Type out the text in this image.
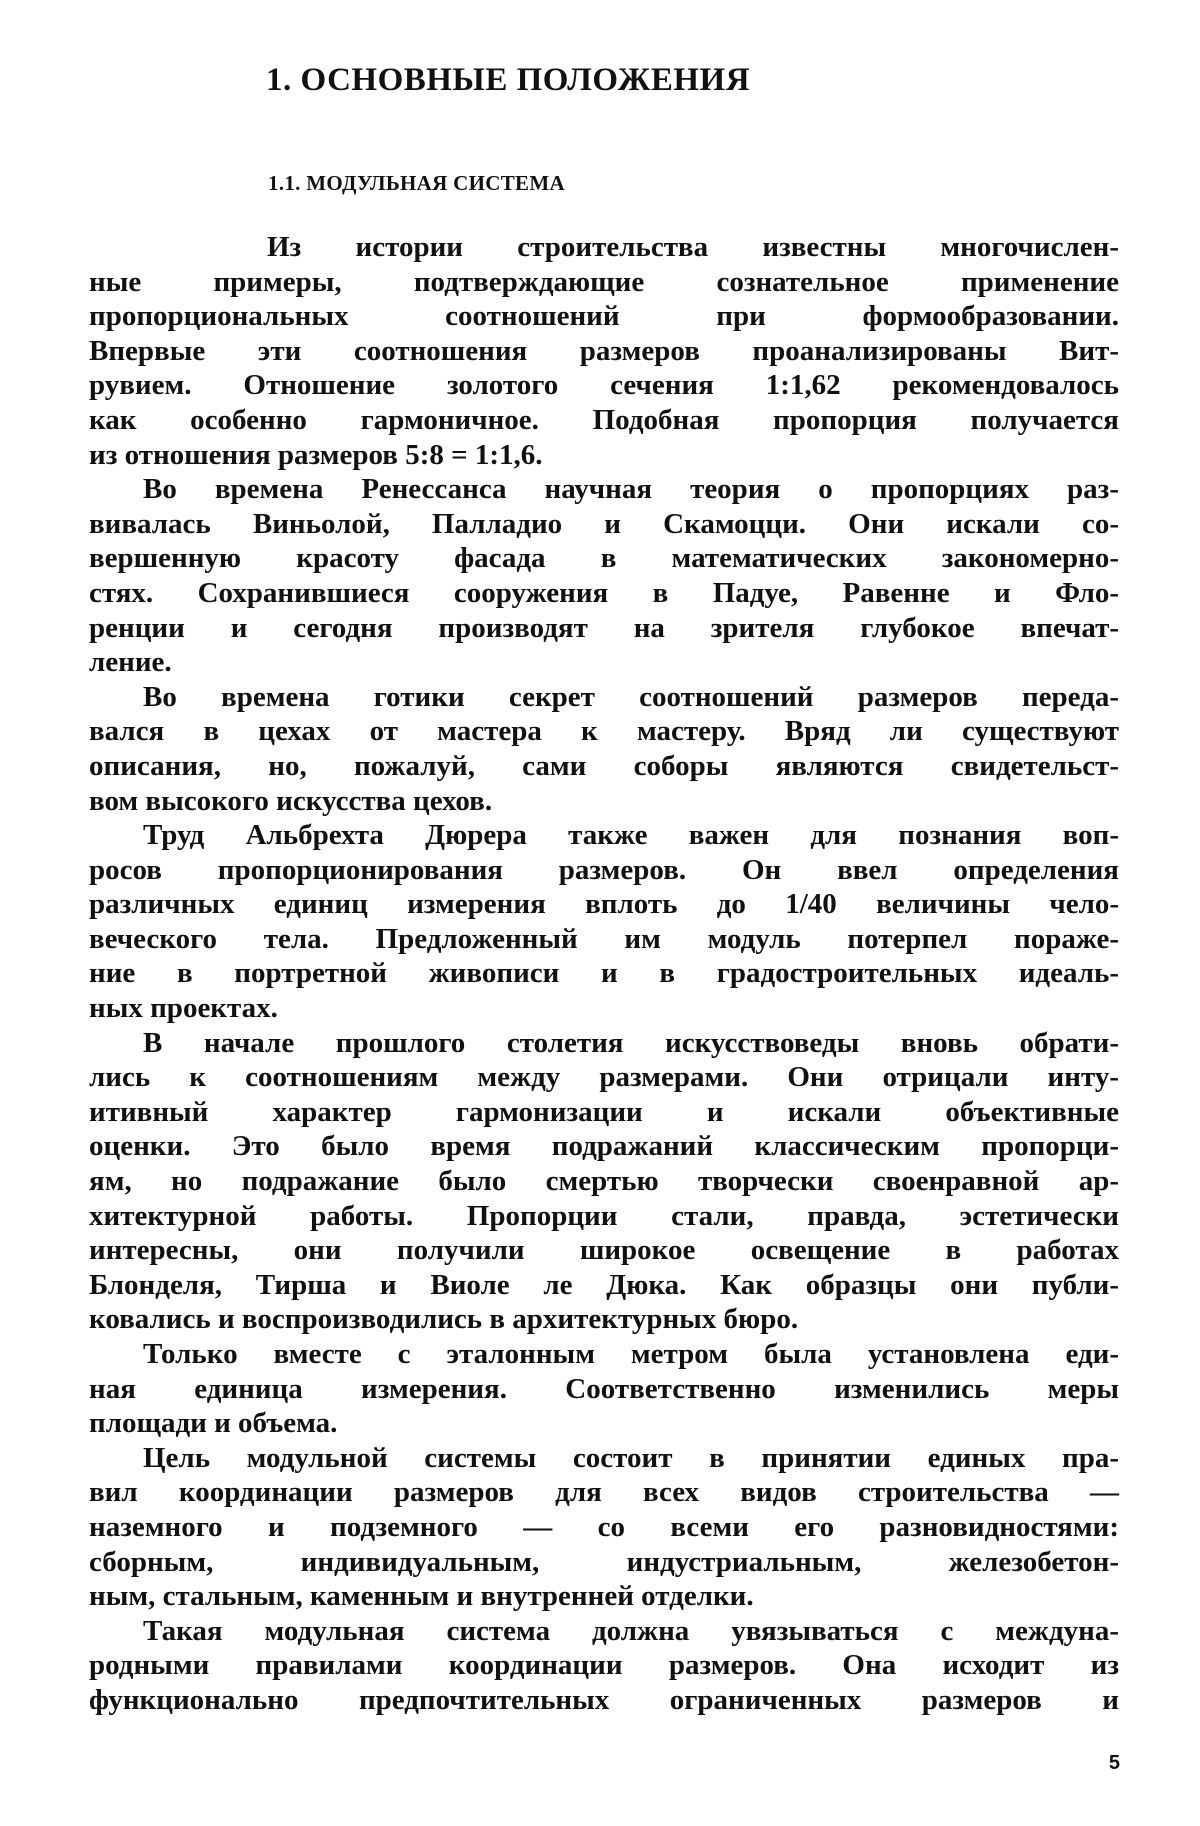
1. ОСНОВНЫЕ ПОЛОЖЕНИЯ
1.1. МОДУЛЬНАЯ СИСТЕМА

Из истории строительства известны многочислен-
ные примеры, подтверждающие сознательное применение
пропорциональных соотношений при формообразовании.
Впервые эти соотношения размеров проанализированы Вит-
рувием. Отношение золотого сечения 1:1,62 рекомендовалось
как особенно гармоничное. Подобная пропорция получается
из отношения размеров 5:8 = 1:1,6.

Во времена Ренессанса научная теория о пропорциях раз-
вивалась Виньолой, Палладио и Скамоцци. Они искали со-
вершенную красоту фасада в математических закономерно-
стях. Сохранившиеся сооружения в Падуе, Равенне и Фло-
ренции и сегодня производят на зрителя глубокое впечат-
ление.

Во времена готики секрет соотношений размеров переда-
вался в цехах от мастера к мастеру. Вряд ли существуют
описания, но, пожалуй, сами соборы являются свидетельст-
вом высокого искусства цехов.

Труд Альбрехта Дюрера также важен для познания воп-
росов пропорционирования размеров. Он ввел определения
различных единиц измерения вплоть до 1/40 величины чело-
веческого тела. Предложенный им модуль потерпел пораже-
ние в портретной живописи и в градостроительных идеаль-
ных проектах.

В начале прошлого столетия искусствоведы вновь обрати-
лись к соотношениям между размерами. Они отрицали инту-
итивный характер гармонизации и искали объективные
оценки. Это было время подражаний классическим пропорци-
ям, но подражание было смертью творчески своенравной ар-
хитектурной работы. Пропорции стали, правда, эстетически
интересны, они получили широкое освещение в работах
Блонделя, Тирша и Виоле ле Дюка. Как образцы они публи-
ковались и воспроизводились в архитектурных бюро.

Только вместе с эталонным метром была установлена еди-
ная единица измерения. Соответственно изменились меры
площади и объема.

Цель модульной системы состоит в принятии единых пра-
вил координации размеров для всех видов строительства —
наземного и подземного — со всеми его разновидностями:
сборным, индивидуальным, индустриальным, железобетон-
ным, стальным, каменным и внутренней отделки.

Такая модульная система должна увязываться с междуна-
родными правилами координации размеров. Она исходит из
функционально предпочтительных ограниченных размеров и

5
